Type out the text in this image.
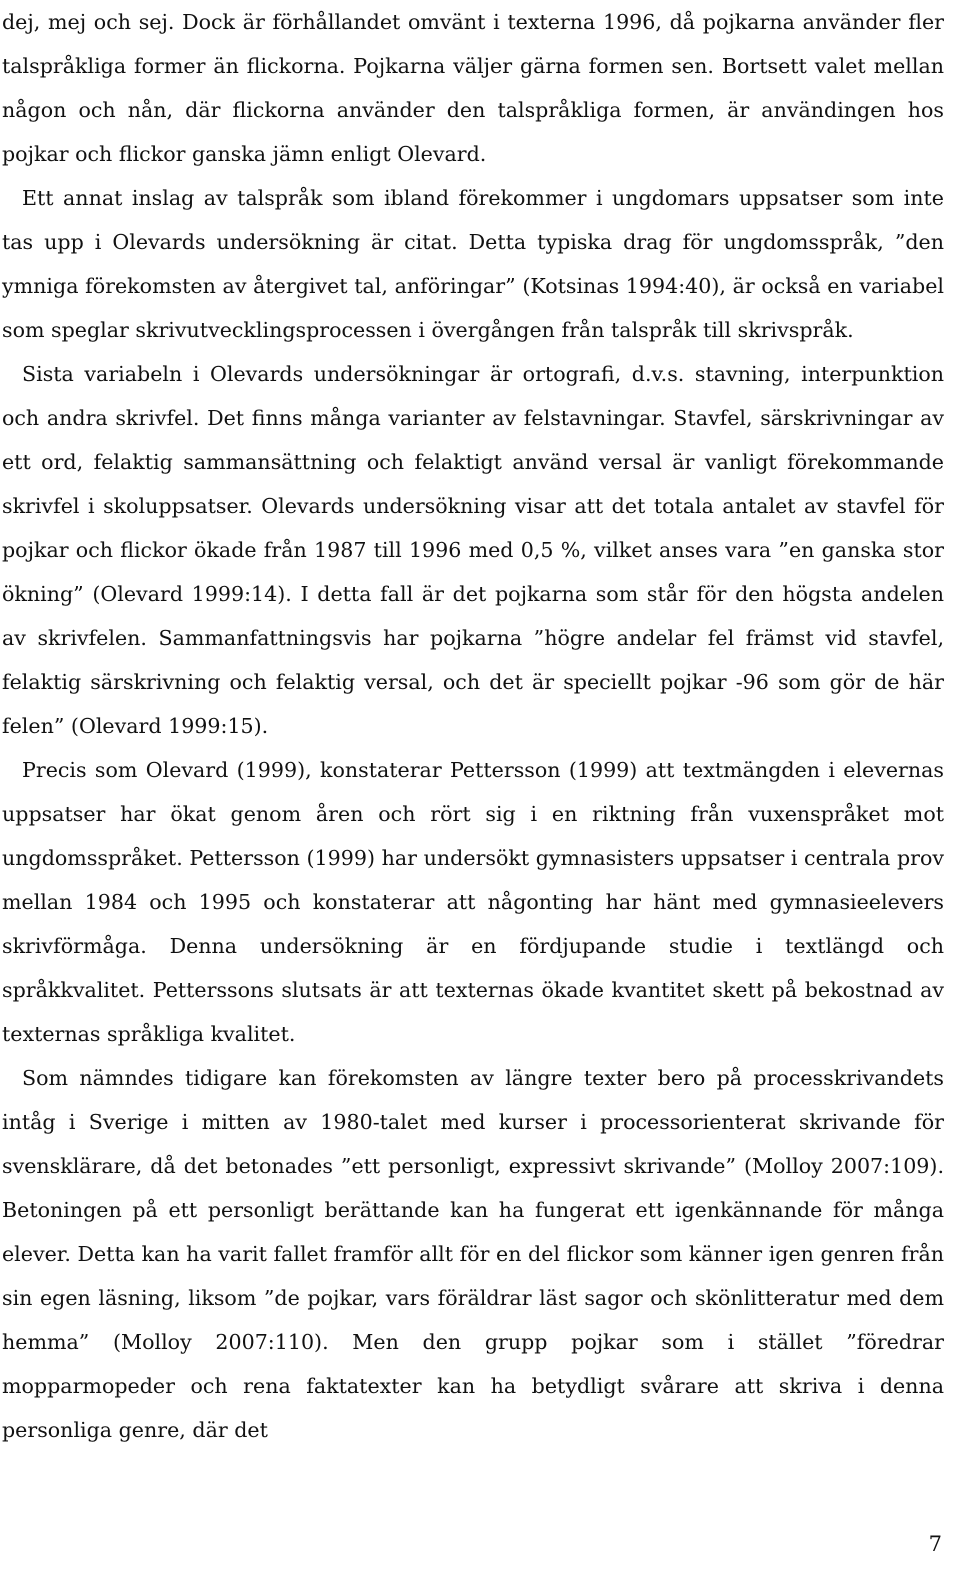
dej, mej och sej. Dock är förhållandet omvänt i texterna 1996, då pojkarna använder fler talspråkliga former än flickorna. Pojkarna väljer gärna formen sen. Bortsett valet mellan någon och nån, där flickorna använder den talspråkliga formen, är användingen hos pojkar och flickor ganska jämn enligt Olevard.

Ett annat inslag av talspråk som ibland förekommer i ungdomars uppsatser som inte tas upp i Olevards undersökning är citat. Detta typiska drag för ungdomsspråk, ”den ymniga förekomsten av återgivet tal, anföringar” (Kotsinas 1994:40), är också en variabel som speglar skrivutvecklingsprocessen i övergången från talspråk till skrivspråk.

Sista variabeln i Olevards undersökningar är ortografi, d.v.s. stavning, interpunktion och andra skrivfel. Det finns många varianter av felstavningar. Stavfel, särskrivningar av ett ord, felaktig sammansättning och felaktigt använd versal är vanligt förekommande skrivfel i skoluppsatser. Olevards undersökning visar att det totala antalet av stavfel för pojkar och flickor ökade från 1987 till 1996 med 0,5 %, vilket anses vara ”en ganska stor ökning” (Olevard 1999:14). I detta fall är det pojkarna som står för den högsta andelen av skrivfelen. Sammanfattningsvis har pojkarna ”högre andelar fel främst vid stavfel, felaktig särskrivning och felaktig versal, och det är speciellt pojkar -96 som gör de här felen” (Olevard 1999:15).

Precis som Olevard (1999), konstaterar Pettersson (1999) att textmängden i elevernas uppsatser har ökat genom åren och rört sig i en riktning från vuxenspråket mot ungdomsspråket. Pettersson (1999) har undersökt gymnasisters uppsatser i centrala prov mellan 1984 och 1995 och konstaterar att någonting har hänt med gymnasieelevers skrivförmåga. Denna undersökning är en fördjupande studie i textlängd och språkkvalitet. Petterssons slutsats är att texternas ökade kvantitet skett på bekostnad av texternas språkliga kvalitet.

Som nämndes tidigare kan förekomsten av längre texter bero på processkrivandets intåg i Sverige i mitten av 1980-talet med kurser i processorienterat skrivande för svensklärare, då det betonades ”ett personligt, expressivt skrivande” (Molloy 2007:109). Betoningen på ett personligt berättande kan ha fungerat ett igenkännande för många elever. Detta kan ha varit fallet framför allt för en del flickor som känner igen genren från sin egen läsning, liksom ”de pojkar, vars föräldrar läst sagor och skönlitteratur med dem hemma” (Molloy 2007:110). Men den grupp pojkar som i stället ”föredrar mopparmopeder och rena faktatexter kan ha betydligt svårare att skriva i denna personliga genre, där det

7
